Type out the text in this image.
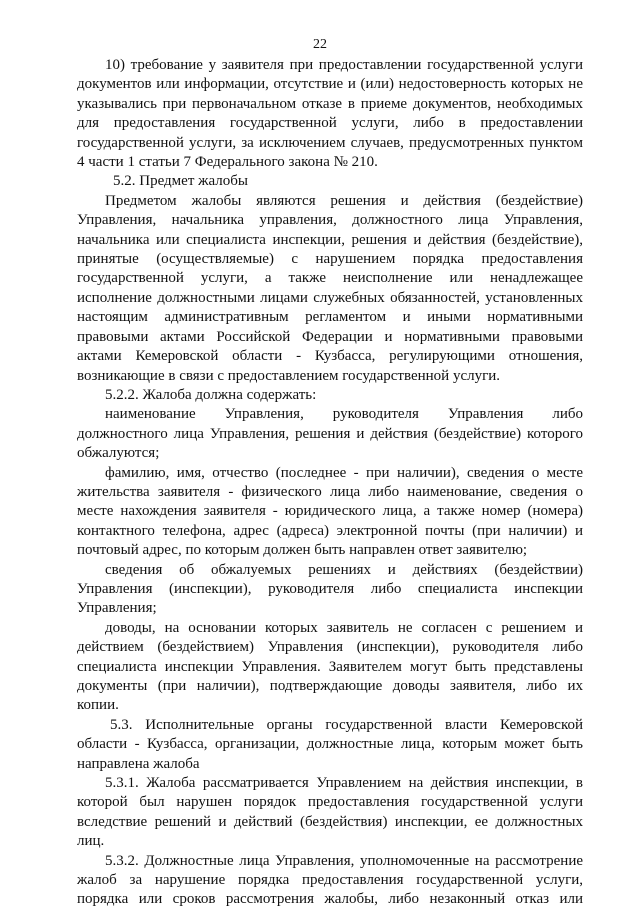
22
10) требование у заявителя при предоставлении государственной услуги
документов или информации, отсутствие и (или) недостоверность которых не
указывались при первоначальном отказе в приеме документов, необходимых
для предоставления государственной услуги, либо в предоставлении
государственной услуги, за исключением случаев, предусмотренных пунктом
4 части 1 статьи 7 Федерального закона № 210.
5.2. Предмет жалобы
Предметом жалобы являются решения и действия (бездействие)
Управления, начальника управления, должностного лица Управления,
начальника или специалиста инспекции, решения и действия (бездействие),
принятые (осуществляемые) с нарушением порядка предоставления
государственной услуги, а также неисполнение или ненадлежащее
исполнение должностными лицами служебных обязанностей, установленных
настоящим административным регламентом и иными нормативными
правовыми актами Российской Федерации и нормативными правовыми
актами Кемеровской области - Кузбасса, регулирующими отношения,
возникающие в связи с предоставлением государственной услуги.
5.2.2. Жалоба должна содержать:
наименование Управления, руководителя Управления либо
должностного лица Управления, решения и действия (бездействие) которого
обжалуются;
фамилию, имя, отчество (последнее - при наличии), сведения о месте
жительства заявителя - физического лица либо наименование, сведения о
месте нахождения заявителя - юридического лица, а также номер (номера)
контактного телефона, адрес (адреса) электронной почты (при наличии) и
почтовый адрес, по которым должен быть направлен ответ заявителю;
сведения об обжалуемых решениях и действиях (бездействии)
Управления (инспекции), руководителя либо специалиста инспекции
Управления;
доводы, на основании которых заявитель не согласен с решением и
действием (бездействием) Управления (инспекции), руководителя либо
специалиста инспекции Управления. Заявителем могут быть представлены
документы (при наличии), подтверждающие доводы заявителя, либо их
копии.
5.3. Исполнительные органы государственной власти Кемеровской
области - Кузбасса, организации, должностные лица, которым может быть
направлена жалоба
5.3.1. Жалоба рассматривается Управлением на действия инспекции, в
которой был нарушен порядок предоставления государственной услуги
вследствие решений и действий (бездействия) инспекции, ее должностных
лиц.
5.3.2. Должностные лица Управления, уполномоченные на рассмотрение
жалоб за нарушение порядка предоставления государственной услуги,
порядка или сроков рассмотрения жалобы, либо незаконный отказ или
